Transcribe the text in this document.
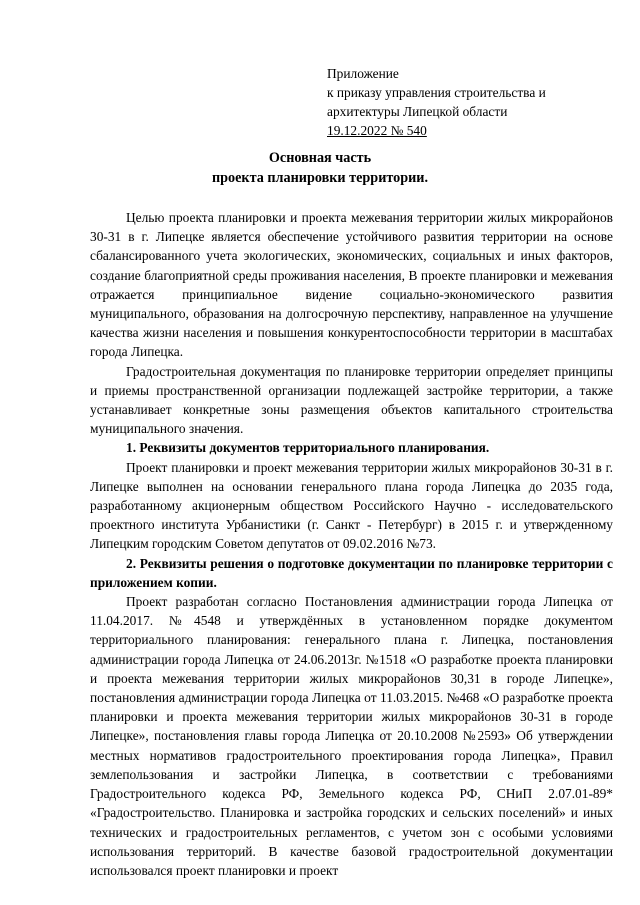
Приложение
к приказу управления строительства и
архитектуры Липецкой области
19.12.2022 № 540
Основная часть
проекта планировки территории.

Целью проекта планировки и проекта межевания территории жилых микрорайонов 30-31 в г. Липецке является обеспечение устойчивого развития территории на основе сбалансированного учета экологических, экономических, социальных и иных факторов, создание благоприятной среды проживания населения, В проекте планировки и межевания отражается принципиальное видение социально-экономического развития муниципального, образования на долгосрочную перспективу, направленное на улучшение качества жизни населения и повышения конкурентоспособности территории в масштабах города Липецка.

Градостроительная документация по планировке территории определяет принципы и приемы пространственной организации подлежащей застройке территории, а также устанавливает конкретные зоны размещения объектов капитального строительства муниципального значения.

1. Реквизиты документов территориального планирования.

Проект планировки и проект межевания территории жилых микрорайонов 30-31 в г. Липецке выполнен на основании генерального плана города Липецка до 2035 года, разработанному акционерным обществом Российского Научно - исследовательского проектного института Урбанистики (г. Санкт - Петербург) в 2015 г. и утвержденному Липецким городским Советом депутатов от 09.02.2016 №73.

2. Реквизиты решения о подготовке документации по планировке территории с приложением копии.

Проект разработан согласно Постановления администрации города Липецка от 11.04.2017. №4548 и утверждённых в установленном порядке документом территориального планирования: генерального плана г. Липецка, постановления администрации города Липецка от 24.06.2013г. №1518 «О разработке проекта планировки и проекта межевания территории жилых микрорайонов 30,31 в городе Липецке», постановления администрации города Липецка от 11.03.2015. №468 «О разработке проекта планировки и проекта межевания территории жилых микрорайонов 30-31 в городе Липецке», постановления главы города Липецка от 20.10.2008 №2593» Об утверждении местных нормативов градостроительного проектирования города Липецка», Правил землепользования и застройки Липецка, в соответствии с требованиями Градостроительного кодекса РФ, Земельного кодекса РФ, СНиП 2.07.01-89* «Градостроительство. Планировка и застройка городских и сельских поселений» и иных технических и градостроительных регламентов, с учетом зон с особыми условиями использования территорий. В качестве базовой градостроительной документации использовался проект планировки и проект
